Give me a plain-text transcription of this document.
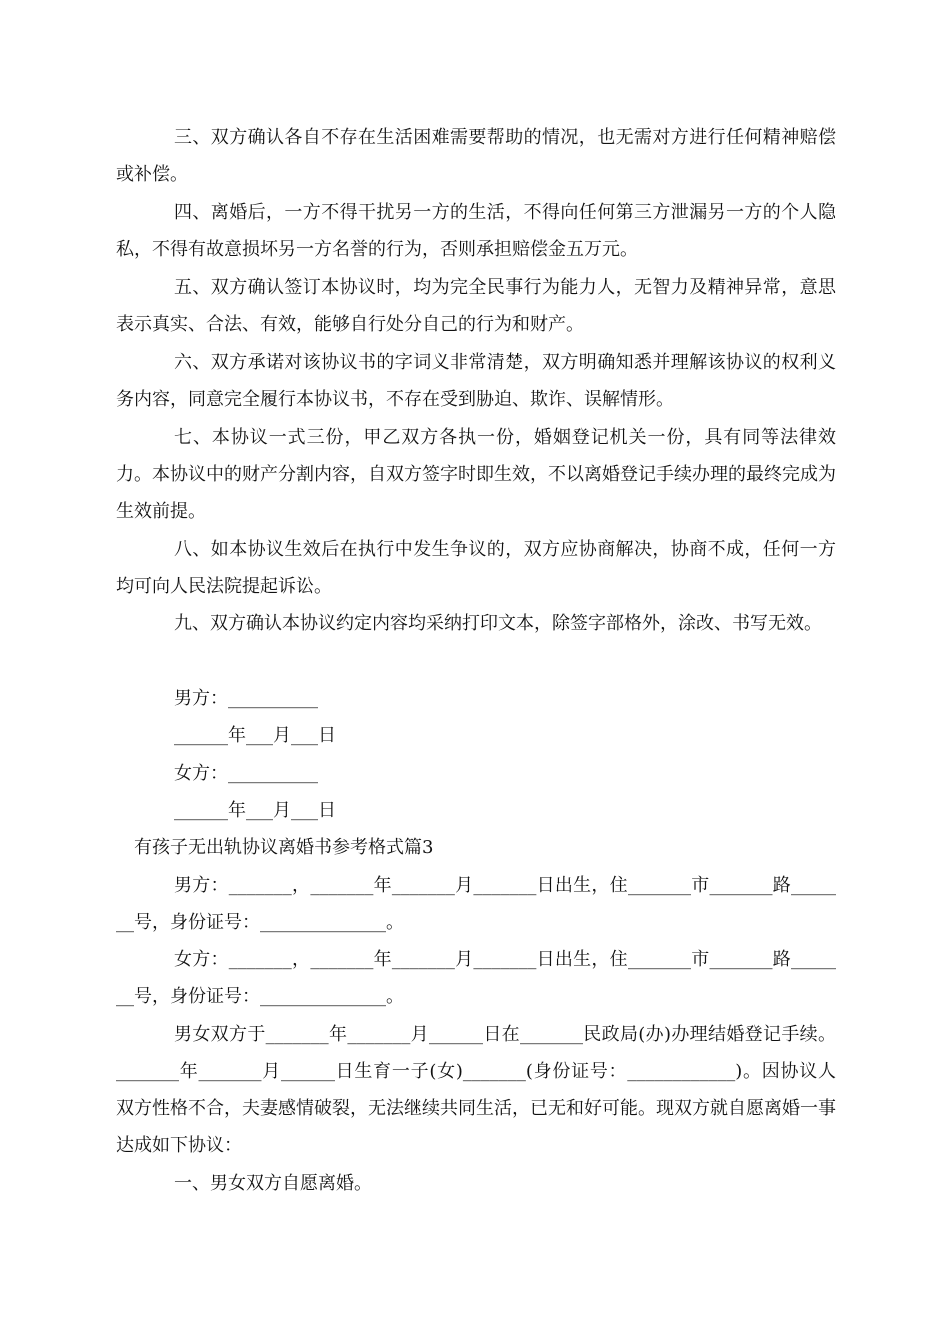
三、双方确认各自不存在生活困难需要帮助的情况，也无需对方进行任何精神赔偿或补偿。

四、离婚后，一方不得干扰另一方的生活，不得向任何第三方泄漏另一方的个人隐私，不得有故意损坏另一方名誉的行为，否则承担赔偿金五万元。

五、双方确认签订本协议时，均为完全民事行为能力人，无智力及精神异常，意思表示真实、合法、有效，能够自行处分自己的行为和财产。

六、双方承诺对该协议书的字词义非常清楚，双方明确知悉并理解该协议的权利义务内容，同意完全履行本协议书，不存在受到胁迫、欺诈、误解情形。

七、本协议一式三份，甲乙双方各执一份，婚姻登记机关一份，具有同等法律效力。本协议中的财产分割内容，自双方签字时即生效，不以离婚登记手续办理的最终完成为生效前提。

八、如本协议生效后在执行中发生争议的，双方应协商解决，协商不成，任何一方均可向人民法院提起诉讼。

九、双方确认本协议约定内容均采纳打印文本，除签字部格外，涂改、书写无效。

男方：__________

______年___月___日

女方：__________

______年___月___日

有孩子无出轨协议离婚书参考格式篇3

男方：_______，_______年_______月_______日出生，住_______市_______路_______号，身份证号：______________。

女方：_______，_______年_______月_______日出生，住_______市_______路_______号，身份证号：______________。

男女双方于_______年_______月______日在_______民政局(办)办理结婚登记手续。_______年_______月______日生育一子(女)_______(身份证号：____________)。因协议人双方性格不合，夫妻感情破裂，无法继续共同生活，已无和好可能。现双方就自愿离婚一事达成如下协议：

一、男女双方自愿离婚。
